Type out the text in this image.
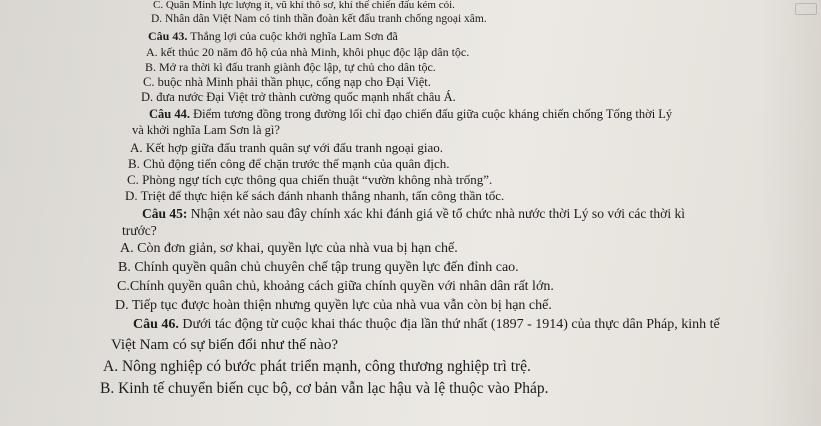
C. Quân Minh lực lượng ít, vũ khí thô sơ, khí thế chiến đấu kém cỏi.
D. Nhân dân Việt Nam có tinh thần đoàn kết đấu tranh chống ngoại xâm.
Câu 43. Thắng lợi của cuộc khởi nghĩa Lam Sơn đã
A. kết thúc 20 năm đô hộ của nhà Minh, khôi phục độc lập dân tộc.
B. Mở ra thời kì đấu tranh giành độc lập, tự chủ cho dân tộc.
C. buộc nhà Minh phải thần phục, cống nạp cho Đại Việt.
D. đưa nước Đại Việt trở thành cường quốc mạnh nhất châu Á.
Câu 44. Điểm tương đồng trong đường lối chỉ đạo chiến đấu giữa cuộc kháng chiến chống Tống thời Lý
và khởi nghĩa Lam Sơn là gì?
A. Kết hợp giữa đấu tranh quân sự với đấu tranh ngoại giao.
B. Chủ động tiến công để chặn trước thế mạnh của quân địch.
C. Phòng ngự tích cực thông qua chiến thuật “vườn không nhà trống”.
D. Triệt để thực hiện kế sách đánh nhanh thắng nhanh, tấn công thần tốc.
Câu 45: Nhận xét nào sau đây chính xác khi đánh giá về tổ chức nhà nước thời Lý so với các thời kì
trước?
A. Còn đơn giản, sơ khai, quyền lực của nhà vua bị hạn chế.
B. Chính quyền quân chủ chuyên chế tập trung quyền lực đến đỉnh cao.
C.Chính quyền quân chủ, khoảng cách giữa chính quyền với nhân dân rất lớn.
D. Tiếp tục được hoàn thiện nhưng quyền lực của nhà vua vẫn còn bị hạn chế.
Câu 46. Dưới tác động từ cuộc khai thác thuộc địa lần thứ nhất (1897 - 1914) của thực dân Pháp, kinh tế
Việt Nam có sự biến đổi như thế nào?
A. Nông nghiệp có bước phát triển mạnh, công thương nghiệp trì trệ.
B. Kinh tế chuyển biến cục bộ, cơ bản vẫn lạc hậu và lệ thuộc vào Pháp.
